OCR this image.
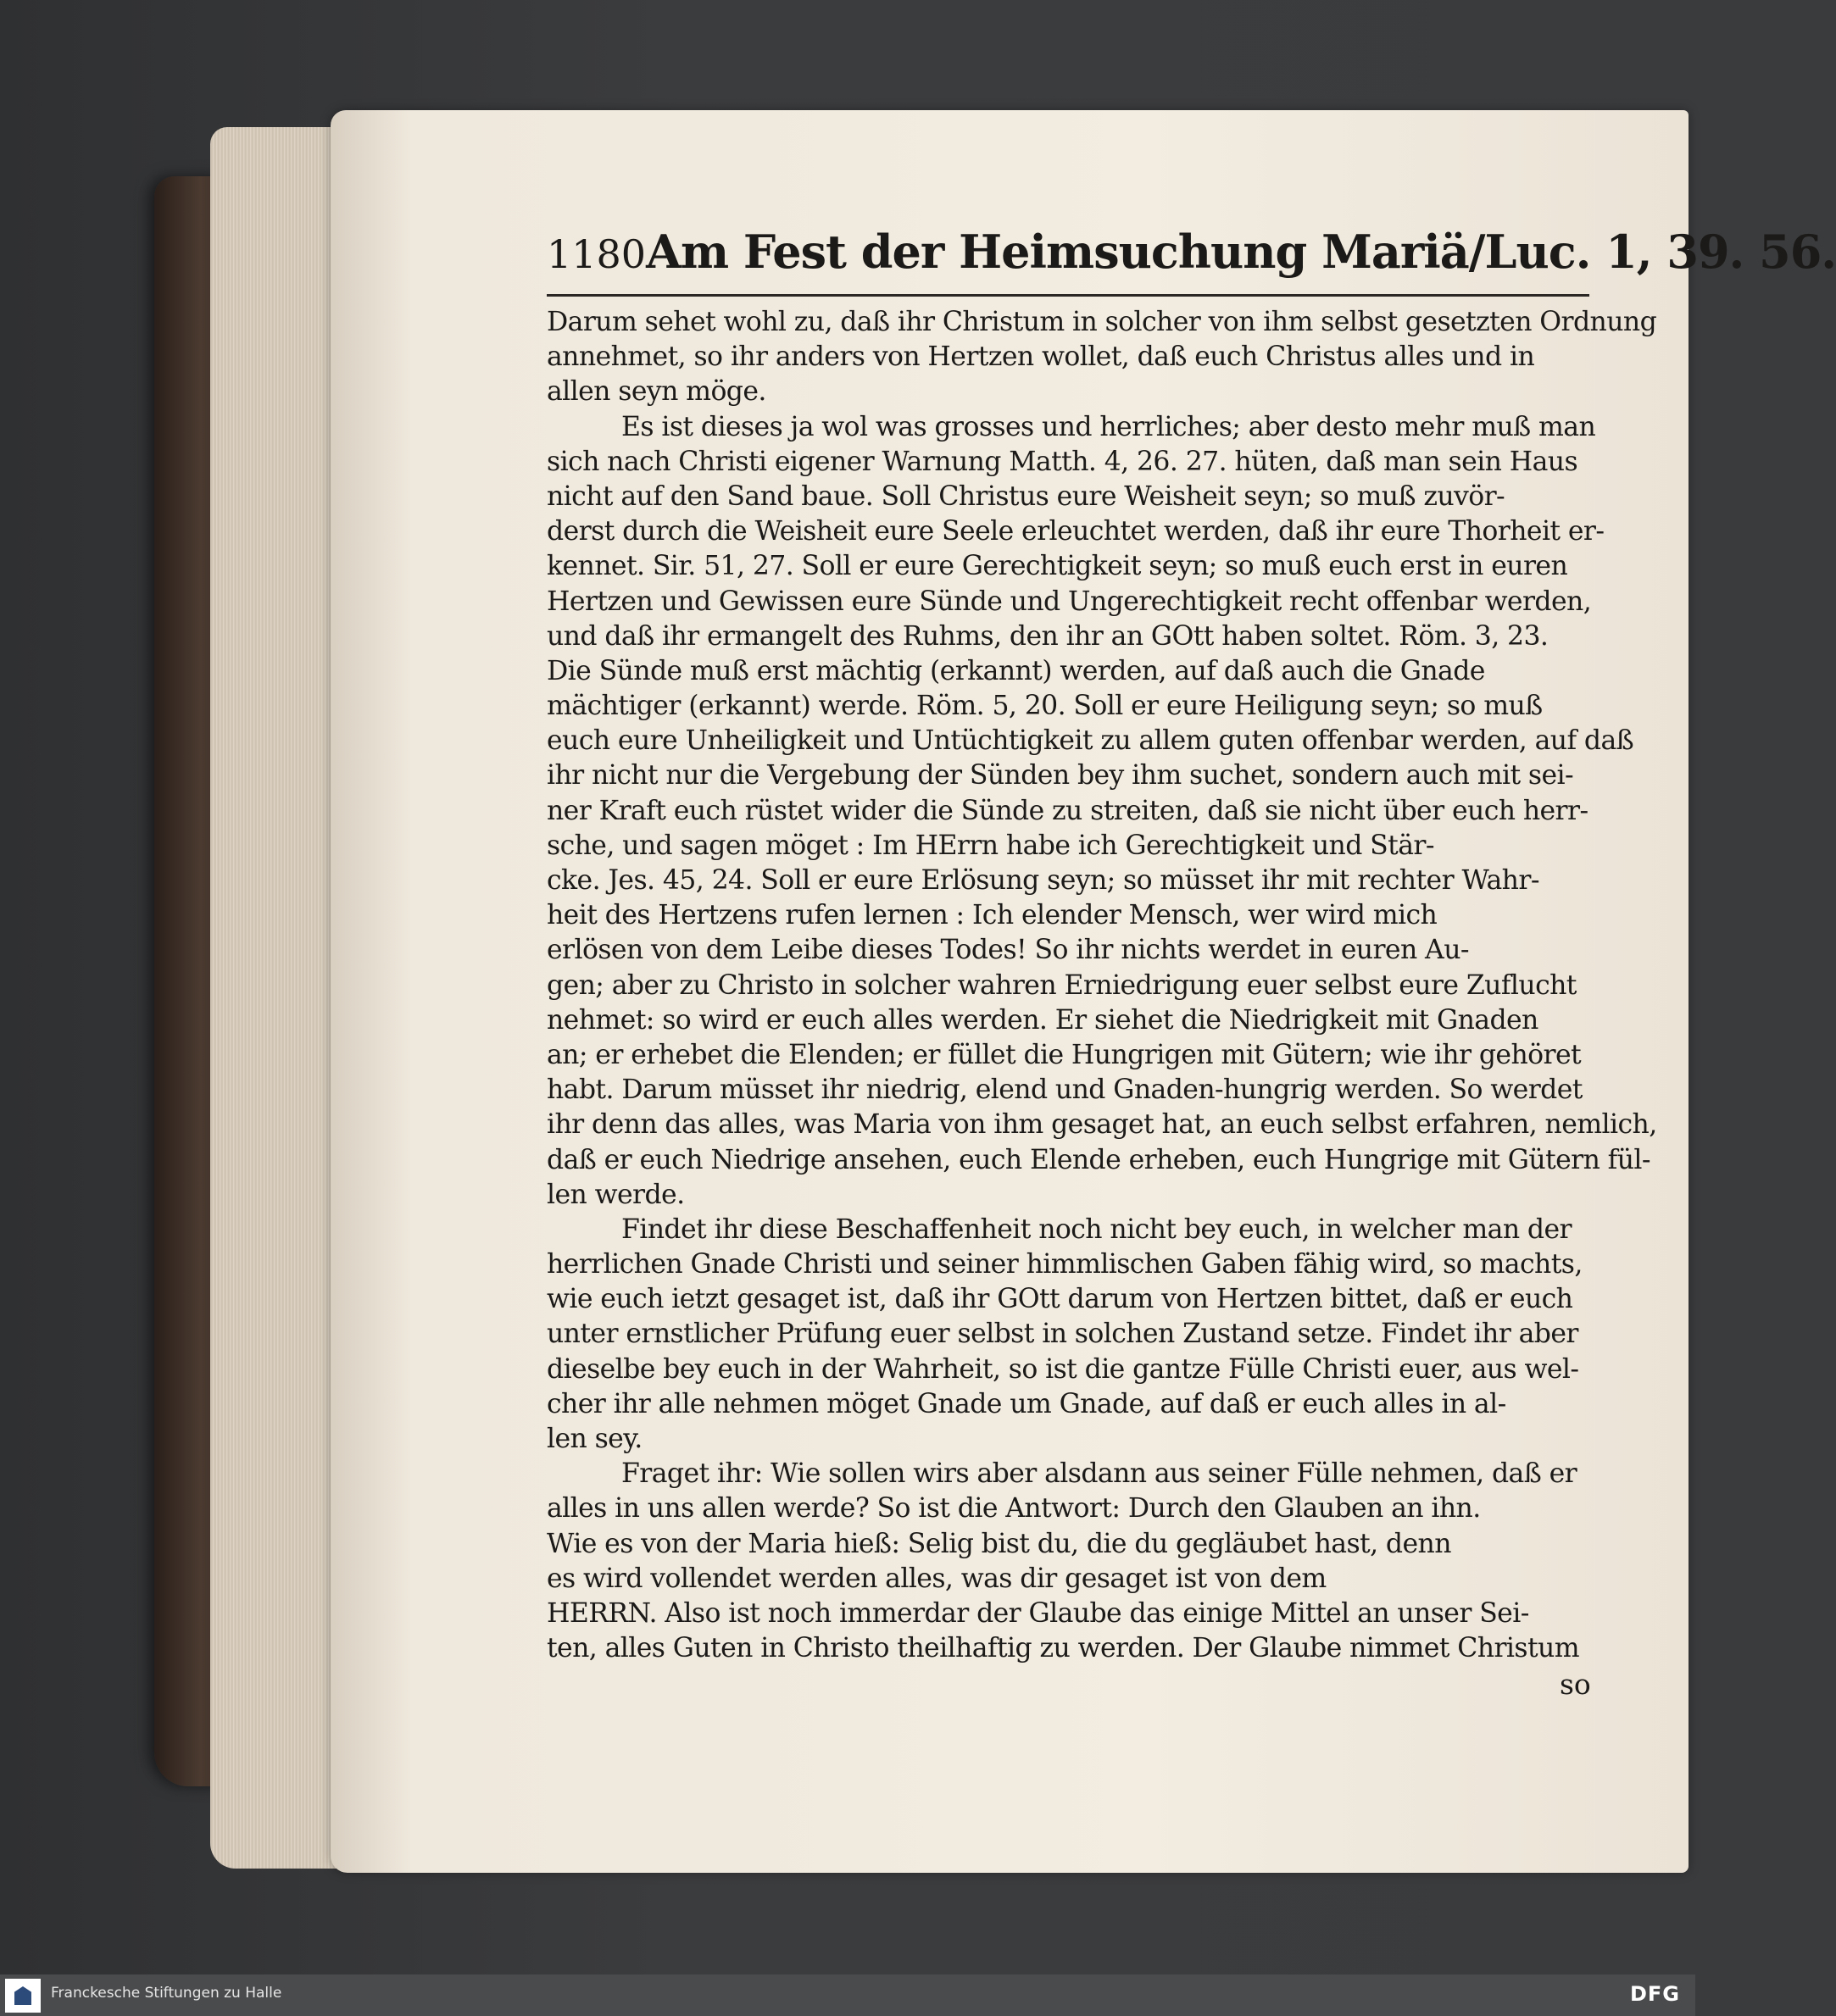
1180 Am Fest der Heimsuchung Mariä/Luc. 1, 39. 56.
Darum sehet wohl zu, daß ihr Christum in solcher von ihm selbst gesetzten Ordnung
annehmet, so ihr anders von Hertzen wollet, daß euch Christus alles und in
allen seyn möge.
Es ist dieses ja wol was grosses und herrliches; aber desto mehr muß man
sich nach Christi eigener Warnung Matth. 4, 26. 27. hüten, daß man sein Haus
nicht auf den Sand baue. Soll Christus eure Weisheit seyn; so muß zuvör-
derst durch die Weisheit eure Seele erleuchtet werden, daß ihr eure Thorheit er-
kennet. Sir. 51, 27. Soll er eure Gerechtigkeit seyn; so muß euch erst in euren
Hertzen und Gewissen eure Sünde und Ungerechtigkeit recht offenbar werden,
und daß ihr ermangelt des Ruhms, den ihr an GOtt haben soltet. Röm. 3, 23.
Die Sünde muß erst mächtig (erkannt) werden, auf daß auch die Gnade
mächtiger (erkannt) werde. Röm. 5, 20. Soll er eure Heiligung seyn; so muß
euch eure Unheiligkeit und Untüchtigkeit zu allem guten offenbar werden, auf daß
ihr nicht nur die Vergebung der Sünden bey ihm suchet, sondern auch mit sei-
ner Kraft euch rüstet wider die Sünde zu streiten, daß sie nicht über euch herr-
sche, und sagen möget : Im HErrn habe ich Gerechtigkeit und Stär-
cke. Jes. 45, 24. Soll er eure Erlösung seyn; so müsset ihr mit rechter Wahr-
heit des Hertzens rufen lernen : Ich elender Mensch, wer wird mich
erlösen von dem Leibe dieses Todes! So ihr nichts werdet in euren Au-
gen; aber zu Christo in solcher wahren Erniedrigung euer selbst eure Zuflucht
nehmet: so wird er euch alles werden. Er siehet die Niedrigkeit mit Gnaden
an; er erhebet die Elenden; er füllet die Hungrigen mit Gütern; wie ihr gehöret
habt. Darum müsset ihr niedrig, elend und Gnaden-hungrig werden. So werdet
ihr denn das alles, was Maria von ihm gesaget hat, an euch selbst erfahren, nemlich,
daß er euch Niedrige ansehen, euch Elende erheben, euch Hungrige mit Gütern fül-
len werde.
Findet ihr diese Beschaffenheit noch nicht bey euch, in welcher man der
herrlichen Gnade Christi und seiner himmlischen Gaben fähig wird, so machts,
wie euch ietzt gesaget ist, daß ihr GOtt darum von Hertzen bittet, daß er euch
unter ernstlicher Prüfung euer selbst in solchen Zustand setze. Findet ihr aber
dieselbe bey euch in der Wahrheit, so ist die gantze Fülle Christi euer, aus wel-
cher ihr alle nehmen möget Gnade um Gnade, auf daß er euch alles in al-
len sey.
Fraget ihr: Wie sollen wirs aber alsdann aus seiner Fülle nehmen, daß er
alles in uns allen werde? So ist die Antwort: Durch den Glauben an ihn.
Wie es von der Maria hieß: Selig bist du, die du gegläubet hast, denn
es wird vollendet werden alles, was dir gesaget ist von dem
HERRN. Also ist noch immerdar der Glaube das einige Mittel an unser Sei-
ten, alles Guten in Christo theilhaftig zu werden. Der Glaube nimmet Christum
so
Franckesche Stiftungen zu Halle	DFG
